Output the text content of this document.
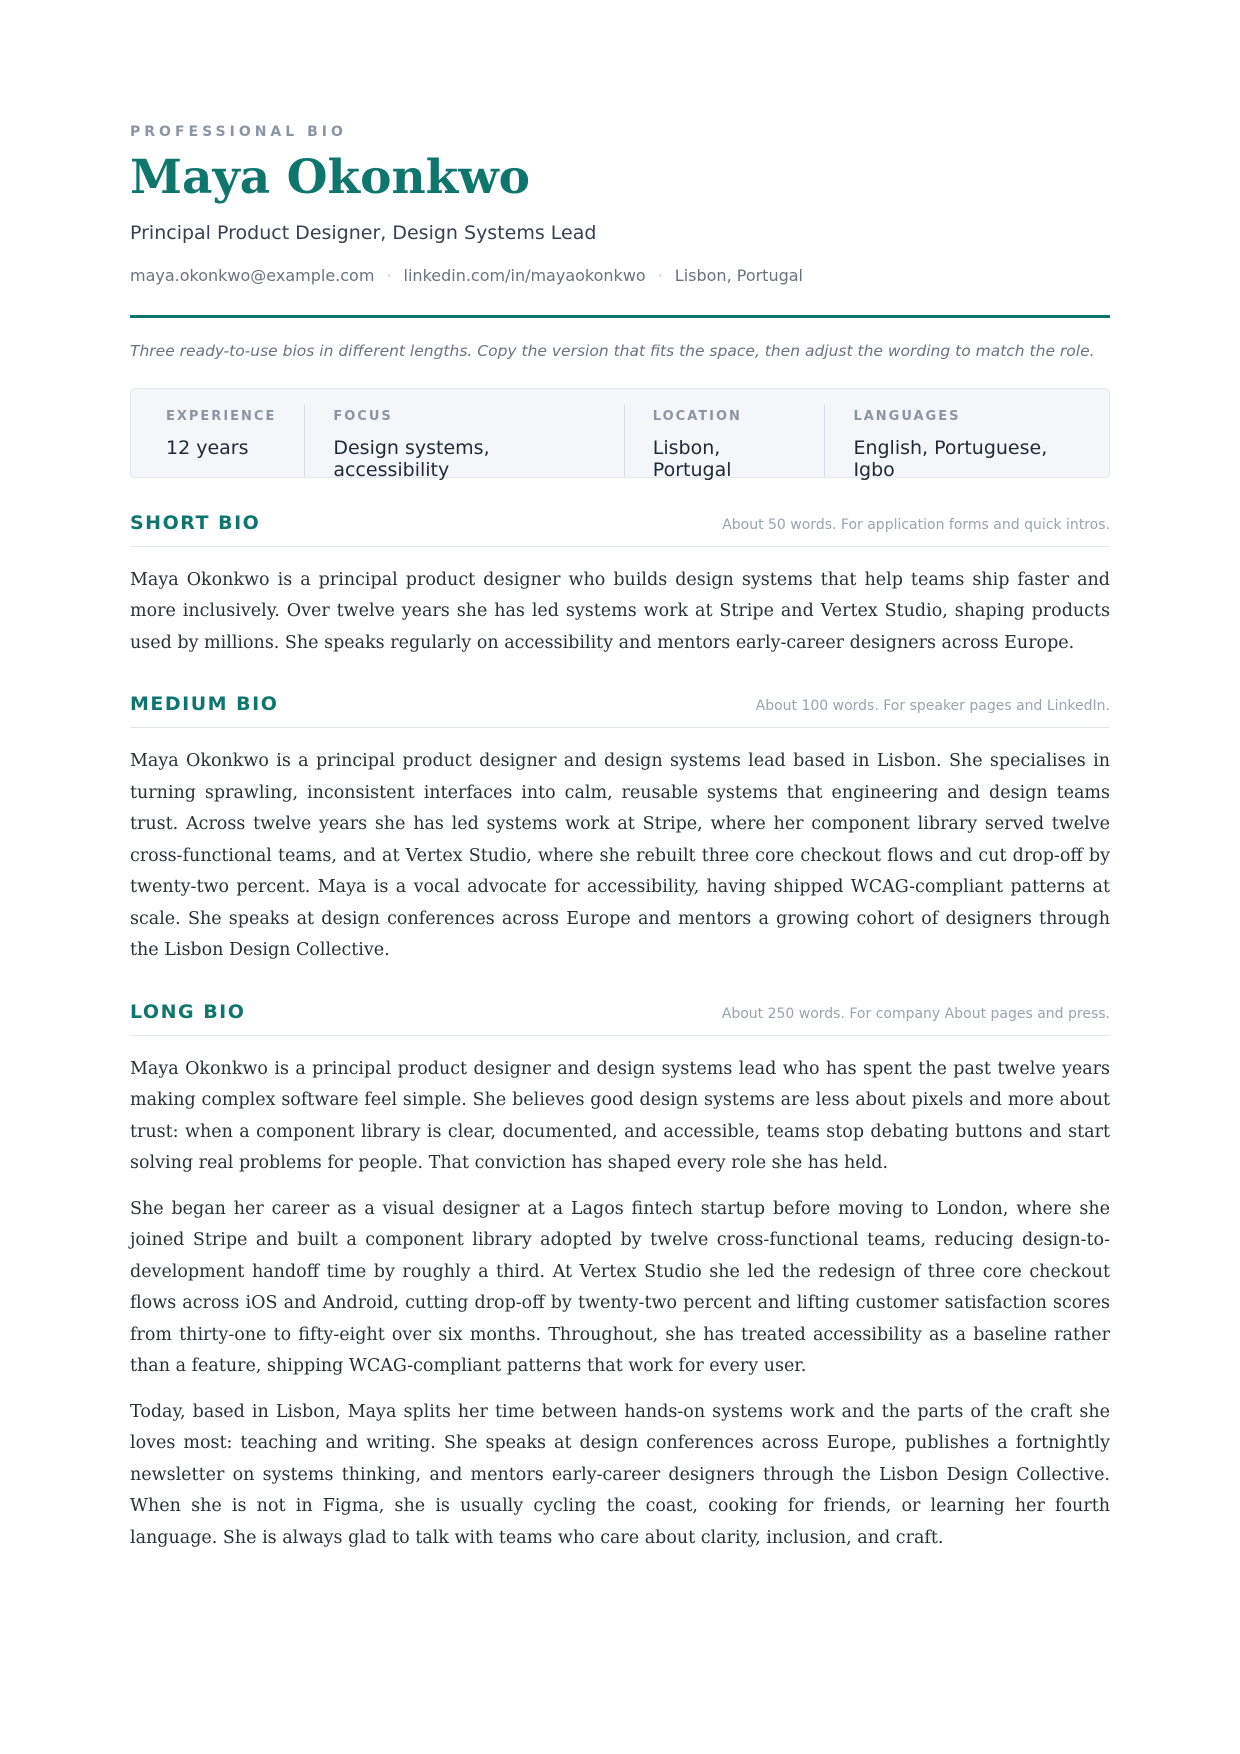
PROFESSIONAL BIO

Maya Okonkwo

Principal Product Designer, Design Systems Lead

maya.okonkwo@example.com · linkedin.com/in/mayaokonkwo · Lisbon, Portugal

Three ready-to-use bios in different lengths. Copy the version that fits the space, then adjust the wording to match the role.

EXPERIENCE
12 years
FOCUS
Design systems, accessibility
LOCATION
Lisbon, Portugal
LANGUAGES
English, Portuguese, Igbo
SHORT BIO	About 50 words. For application forms and quick intros.

Maya Okonkwo is a principal product designer who builds design systems that help teams ship faster and more inclusively. Over twelve years she has led systems work at Stripe and Vertex Studio, shaping products used by millions. She speaks regularly on accessibility and mentors early-career designers across Europe.

MEDIUM BIO	About 100 words. For speaker pages and LinkedIn.

Maya Okonkwo is a principal product designer and design systems lead based in Lisbon. She specialises in turning sprawling, inconsistent interfaces into calm, reusable systems that engineering and design teams trust. Across twelve years she has led systems work at Stripe, where her component library served twelve cross-functional teams, and at Vertex Studio, where she rebuilt three core checkout flows and cut drop-off by twenty-two percent. Maya is a vocal advocate for accessibility, having shipped WCAG-compliant patterns at scale. She speaks at design conferences across Europe and mentors a growing cohort of designers through the Lisbon Design Collective.

LONG BIO	About 250 words. For company About pages and press.

Maya Okonkwo is a principal product designer and design systems lead who has spent the past twelve years making complex software feel simple. She believes good design systems are less about pixels and more about trust: when a component library is clear, documented, and accessible, teams stop debating buttons and start solving real problems for people. That conviction has shaped every role she has held.

She began her career as a visual designer at a Lagos fintech startup before moving to London, where she joined Stripe and built a component library adopted by twelve cross-functional teams, reducing design-to-development handoff time by roughly a third. At Vertex Studio she led the redesign of three core checkout flows across iOS and Android, cutting drop-off by twenty-two percent and lifting customer satisfaction scores from thirty-one to fifty-eight over six months. Throughout, she has treated accessibility as a baseline rather than a feature, shipping WCAG-compliant patterns that work for every user.

Today, based in Lisbon, Maya splits her time between hands-on systems work and the parts of the craft she loves most: teaching and writing. She speaks at design conferences across Europe, publishes a fortnightly newsletter on systems thinking, and mentors early-career designers through the Lisbon Design Collective. When she is not in Figma, she is usually cycling the coast, cooking for friends, or learning her fourth language. She is always glad to talk with teams who care about clarity, inclusion, and craft.
